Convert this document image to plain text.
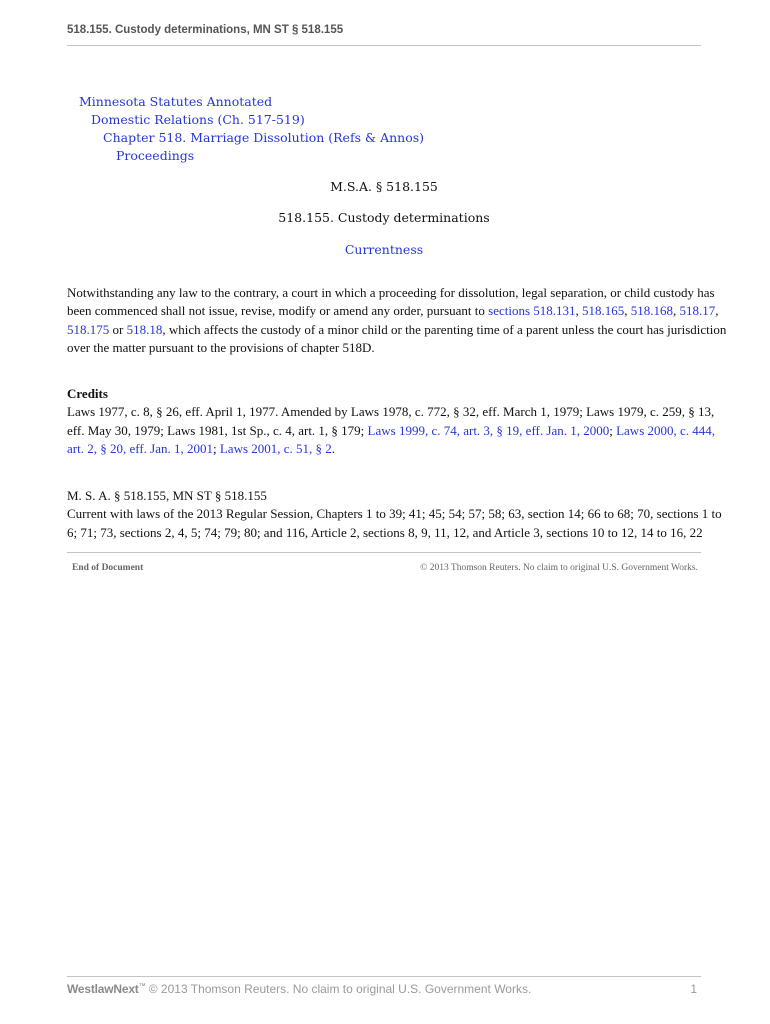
518.155. Custody determinations, MN ST § 518.155
Minnesota Statutes Annotated
Domestic Relations (Ch. 517-519)
Chapter 518. Marriage Dissolution (Refs & Annos)
Proceedings
M.S.A. § 518.155
518.155. Custody determinations
Currentness
Notwithstanding any law to the contrary, a court in which a proceeding for dissolution, legal separation, or child custody has
been commenced shall not issue, revise, modify or amend any order, pursuant to sections 518.131, 518.165, 518.168, 518.17,
518.175 or 518.18, which affects the custody of a minor child or the parenting time of a parent unless the court has jurisdiction
over the matter pursuant to the provisions of chapter 518D.
Credits
Laws 1977, c. 8, § 26, eff. April 1, 1977. Amended by Laws 1978, c. 772, § 32, eff. March 1, 1979; Laws 1979, c. 259, § 13,
eff. May 30, 1979; Laws 1981, 1st Sp., c. 4, art. 1, § 179; Laws 1999, c. 74, art. 3, § 19, eff. Jan. 1, 2000; Laws 2000, c. 444,
art. 2, § 20, eff. Jan. 1, 2001; Laws 2001, c. 51, § 2.
M. S. A. § 518.155, MN ST § 518.155
Current with laws of the 2013 Regular Session, Chapters 1 to 39; 41; 45; 54; 57; 58; 63, section 14; 66 to 68; 70, sections 1 to
6; 71; 73, sections 2, 4, 5; 74; 79; 80; and 116, Article 2, sections 8, 9, 11, 12, and Article 3, sections 10 to 12, 14 to 16, 22
End of Document	© 2013 Thomson Reuters. No claim to original U.S. Government Works.
WestlawNext™ © 2013 Thomson Reuters. No claim to original U.S. Government Works.	1
